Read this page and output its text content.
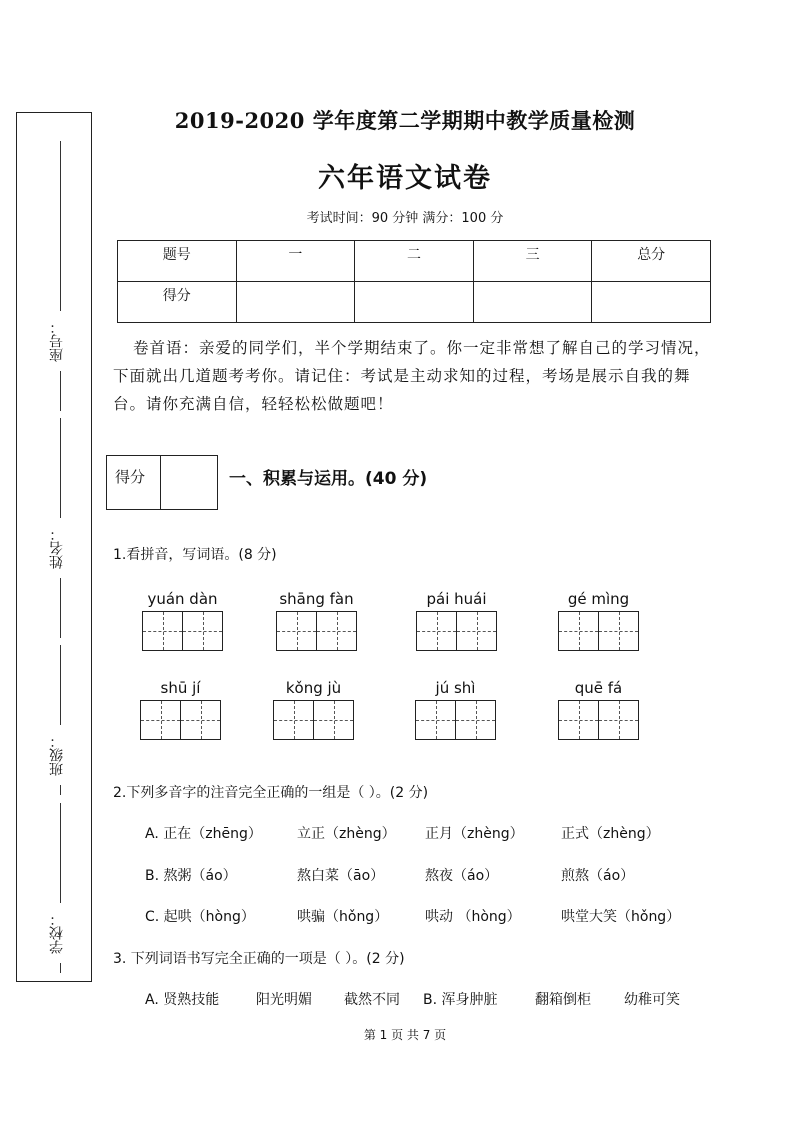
座号：
姓名：
班级：
学校：
2019-2020 学年度第二学期期中教学质量检测
六年语文试卷
考试时间：90 分钟 满分：100 分
题号	一	二	三	总分
得分				
卷首语：亲爱的同学们，半个学期结束了。你一定非常想了解自己的学习情况，下面就出几道题考考你。请记住：考试是主动求知的过程，考场是展示自我的舞台。请你充满自信，轻轻松松做题吧！
得分	一、积累与运用。(40 分)
1.看拼音，写词语。(8 分)
yuán dàn	shāng fàn	pái huái	gé mìng
shū jí	kǒng jù	jú shì	quē fá
2.下列多音字的注音完全正确的一组是（ ）。(2 分)
A. 正在（zhēng）	立正（zhèng） 正月（zhèng）	正式（zhèng）
B. 熬粥（áo）	熬白菜（āo）	熬夜（áo）	煎熬（áo）
C. 起哄（hòng）	哄骗（hǒng）	哄动 （hòng）	哄堂大笑（hǒng）
3. 下列词语书写完全正确的一项是（ ）。(2 分)
A. 贤熟技能	阳光明媚 截然不同 B. 浑身肿脏	翻箱倒柜 幼稚可笑
第 1 页 共 7 页
